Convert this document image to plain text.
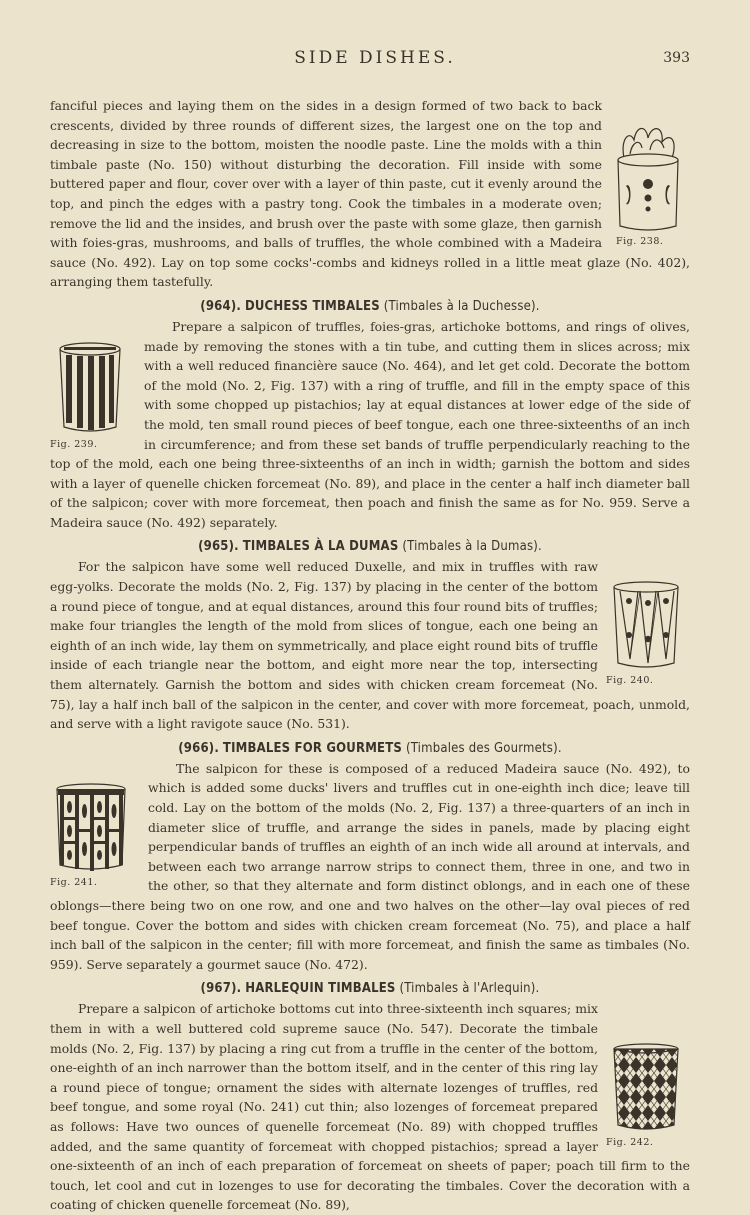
SIDE DISHES.	393
Fig. 238.

fanciful pieces and laying them on the sides in a design formed of two back to back crescents, divided by three rounds of different sizes, the largest one on the top and decreasing in size to the bottom, moisten the noodle paste. Line the molds with a thin timbale paste (No. 150) without disturbing the decoration. Fill inside with some buttered paper and flour, cover over with a layer of thin paste, cut it evenly around the top, and pinch the edges with a pastry tong. Cook the timbales in a moderate oven; remove the lid and the insides, and brush over the paste with some glaze, then garnish with foies-gras, mushrooms, and balls of truffles, the whole combined with a Madeira sauce (No. 492). Lay on top some cocks'-combs and kidneys rolled in a little meat glaze (No. 402), arranging them tastefully.

(964). DUCHESS TIMBALES (Timbales à la Duchesse).
Fig. 239.

Prepare a salpicon of truffles, foies-gras, artichoke bottoms, and rings of olives, made by removing the stones with a tin tube, and cutting them in slices across; mix with a well reduced financière sauce (No. 464), and let get cold. Decorate the bottom of the mold (No. 2, Fig. 137) with a ring of truffle, and fill in the empty space of this with some chopped up pistachios; lay at equal distances at lower edge of the side of the mold, ten small round pieces of beef tongue, each one three-sixteenths of an inch in circumference; and from these set bands of truffle perpendicularly reaching to the top of the mold, each one being three-sixteenths of an inch in width; garnish the bottom and sides with a layer of quenelle chicken forcemeat (No. 89), and place in the center a half inch diameter ball of the salpicon; cover with more forcemeat, then poach and finish the same as for No. 959. Serve a Madeira sauce (No. 492) separately.

(965). TIMBALES À LA DUMAS (Timbales à la Dumas).
Fig. 240.

For the salpicon have some well reduced Duxelle, and mix in truffles with raw egg-yolks. Decorate the molds (No. 2, Fig. 137) by placing in the center of the bottom a round piece of tongue, and at equal distances, around this four round bits of truffles; make four triangles the length of the mold from slices of tongue, each one being an eighth of an inch wide, lay them on symmetrically, and place eight round bits of truffle inside of each triangle near the bottom, and eight more near the top, intersecting them alternately. Garnish the bottom and sides with chicken cream forcemeat (No. 75), lay a half inch ball of the salpicon in the center, and cover with more forcemeat, poach, unmold, and serve with a light ravigote sauce (No. 531).

(966). TIMBALES FOR GOURMETS (Timbales des Gourmets).
Fig. 241.

The salpicon for these is composed of a reduced Madeira sauce (No. 492), to which is added some ducks' livers and truffles cut in one-eighth inch dice; leave till cold. Lay on the bottom of the molds (No. 2, Fig. 137) a three-quarters of an inch in diameter slice of truffle, and arrange the sides in panels, made by placing eight perpendicular bands of truffles an eighth of an inch wide all around at intervals, and between each two arrange narrow strips to connect them, three in one, and two in the other, so that they alternate and form distinct oblongs, and in each one of these oblongs—there being two on one row, and one and two halves on the other—lay oval pieces of red beef tongue. Cover the bottom and sides with chicken cream forcemeat (No. 75), and place a half inch ball of the salpicon in the center; fill with more forcemeat, and finish the same as timbales (No. 959). Serve separately a gourmet sauce (No. 472).

(967). HARLEQUIN TIMBALES (Timbales à l'Arlequin).
Fig. 242.

Prepare a salpicon of artichoke bottoms cut into three-sixteenth inch squares; mix them in with a well buttered cold supreme sauce (No. 547). Decorate the timbale molds (No. 2, Fig. 137) by placing a ring cut from a truffle in the center of the bottom, one-eighth of an inch narrower than the bottom itself, and in the center of this ring lay a round piece of tongue; ornament the sides with alternate lozenges of truffles, red beef tongue, and some royal (No. 241) cut thin; also lozenges of forcemeat prepared as follows: Have two ounces of quenelle forcemeat (No. 89) with chopped truffles added, and the same quantity of forcemeat with chopped pistachios; spread a layer one-sixteenth of an inch of each preparation of forcemeat on sheets of paper; poach till firm to the touch, let cool and cut in lozenges to use for decorating the timbales. Cover the decoration with a coating of chicken quenelle forcemeat (No. 89),
